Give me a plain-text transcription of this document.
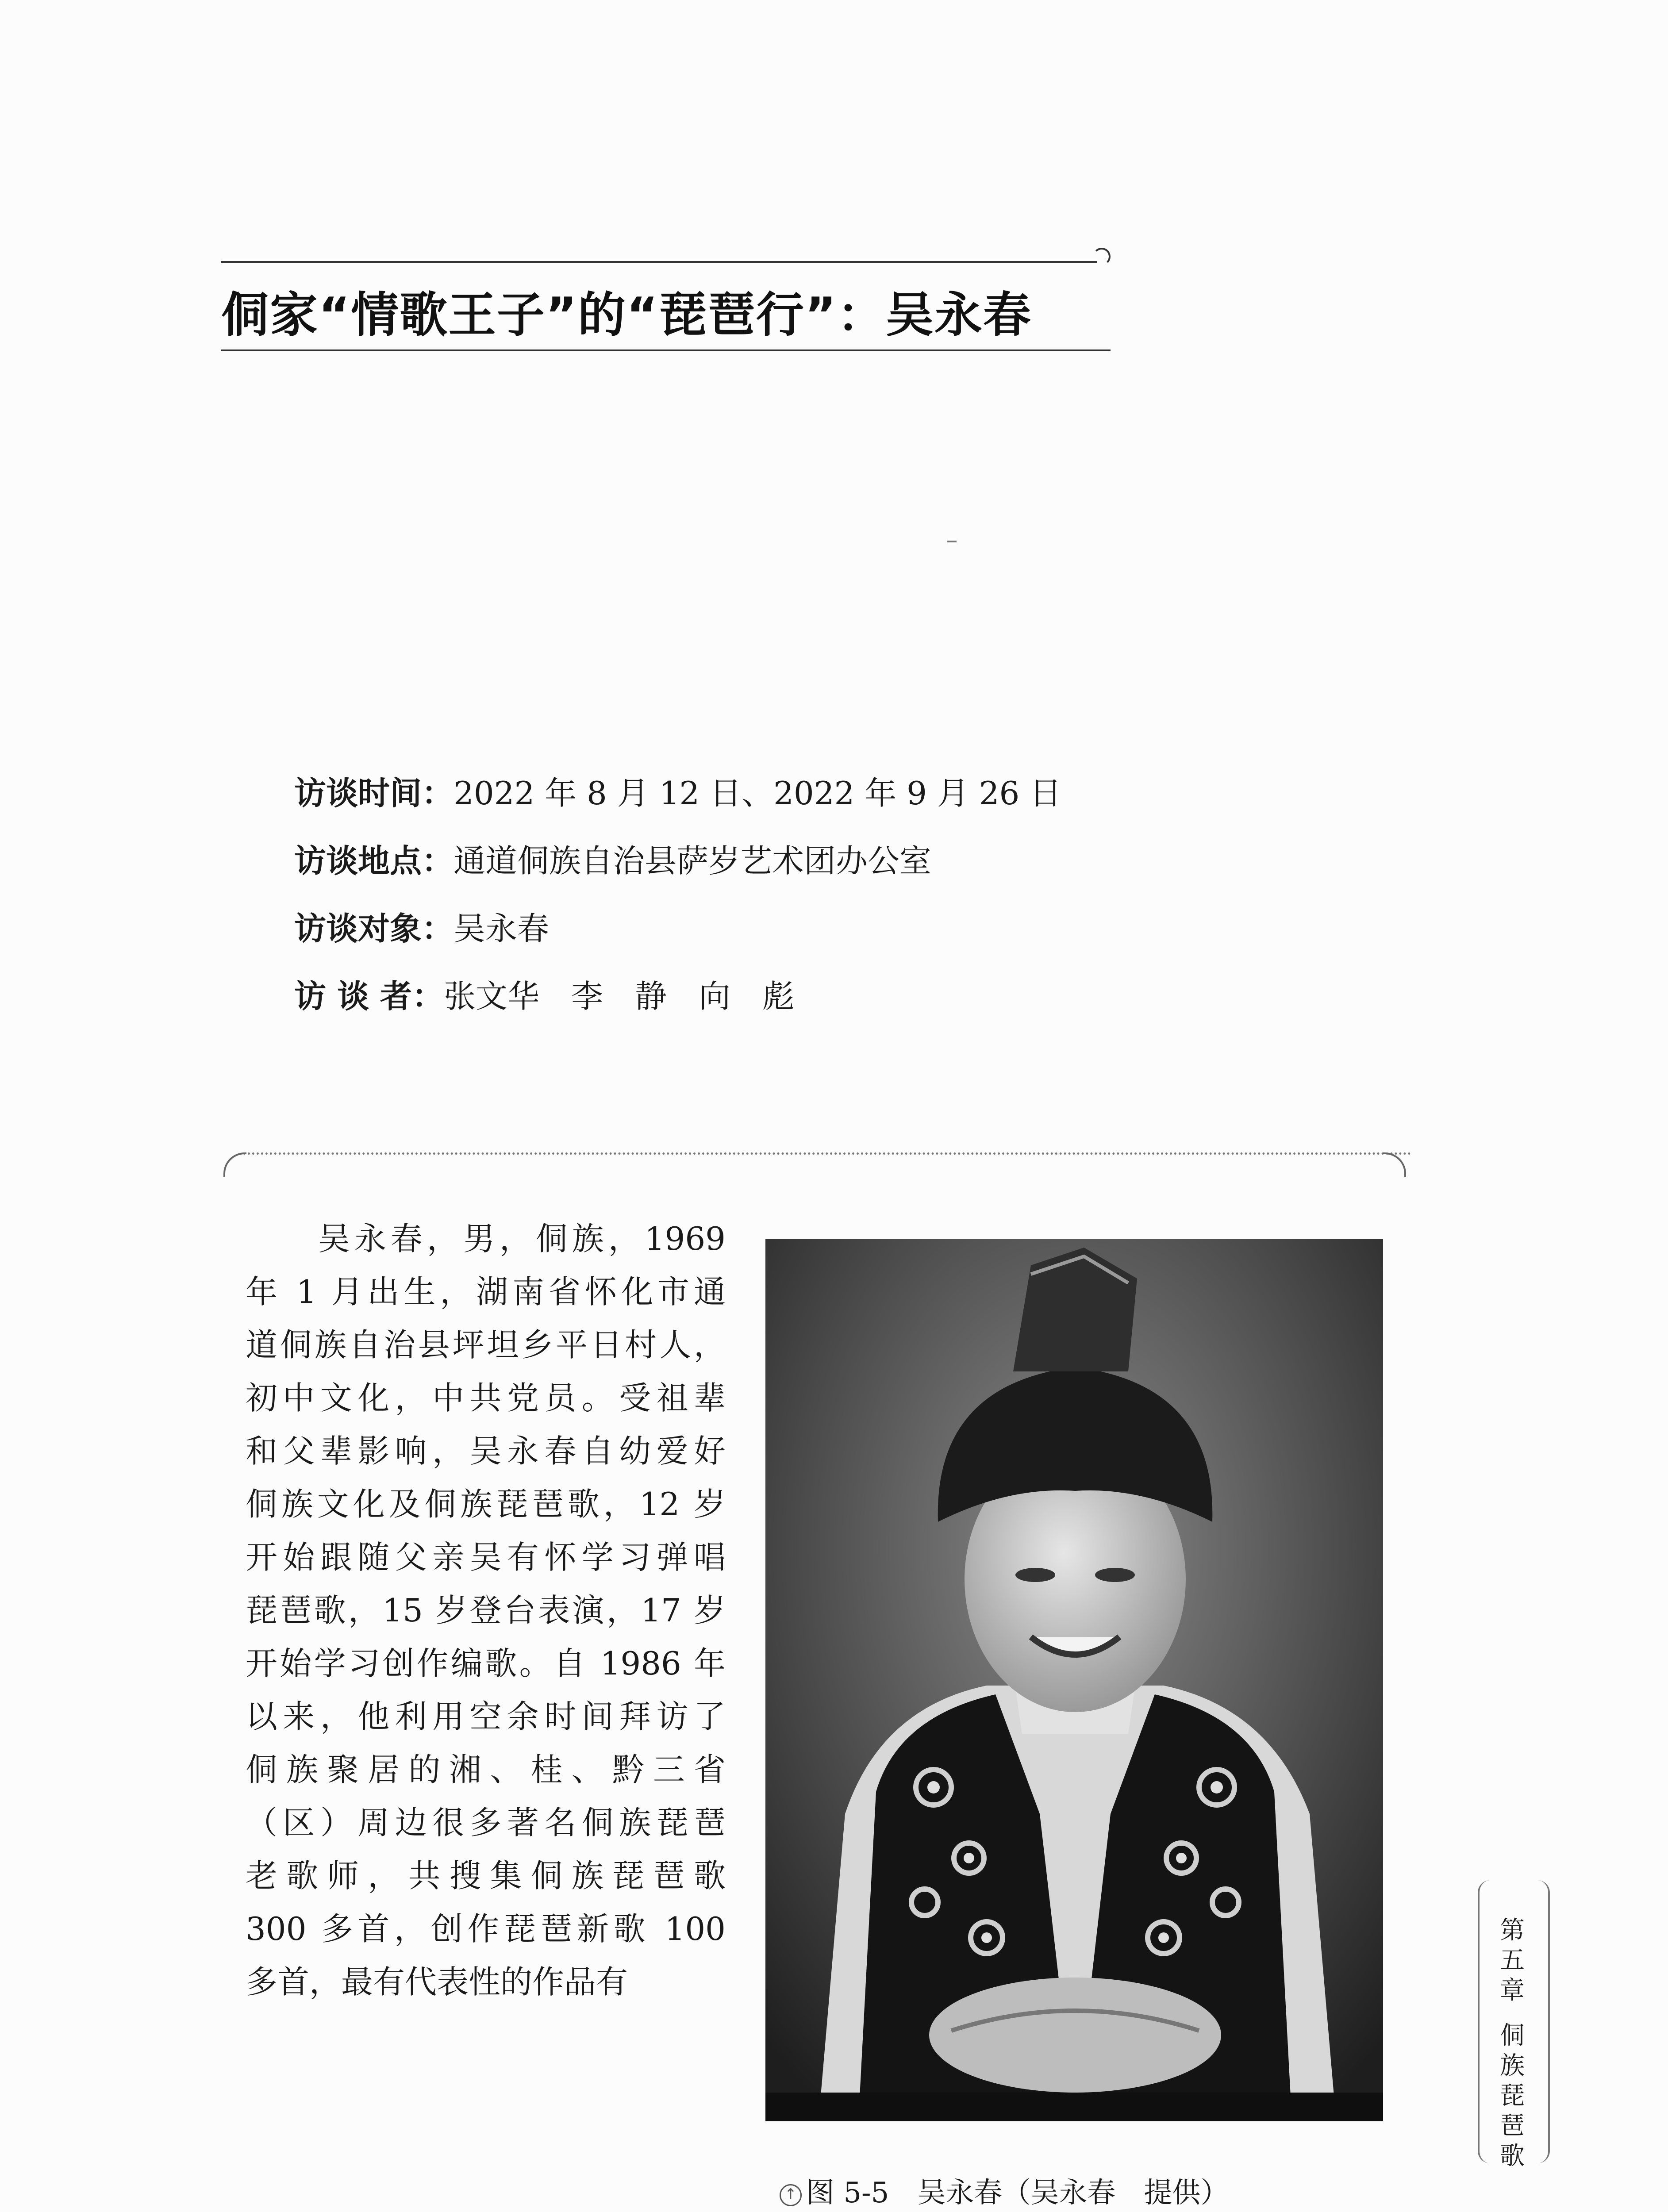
侗家“情歌王子”的“琵琶行”：吴永春
访谈时间：2022 年 8 月 12 日、2022 年 9 月 26 日
访谈地点：通道侗族自治县萨岁艺术团办公室
访谈对象：吴永春
访 谈 者：张文华　李　静　向　彪
　　吴永春，男，侗族，1969
年 1 月出生，湖南省怀化市通
道侗族自治县坪坦乡平日村人，
初中文化，中共党员。受祖辈
和父辈影响，吴永春自幼爱好
侗族文化及侗族琵琶歌，12 岁
开始跟随父亲吴有怀学习弹唱
琵琶歌，15 岁登台表演，17 岁
开始学习创作编歌。自 1986 年
以来，他利用空余时间拜访了
侗族聚居的湘、桂、黔三省
（区）周边很多著名侗族琵琶
老歌师，共搜集侗族琵琶歌
300 多首，创作琵琶新歌 100
多首，最有代表性的作品有
↑ 图 5-5　吴永春（吴永春　提供）
第
五
章
侗
族
琵
琶
歌
